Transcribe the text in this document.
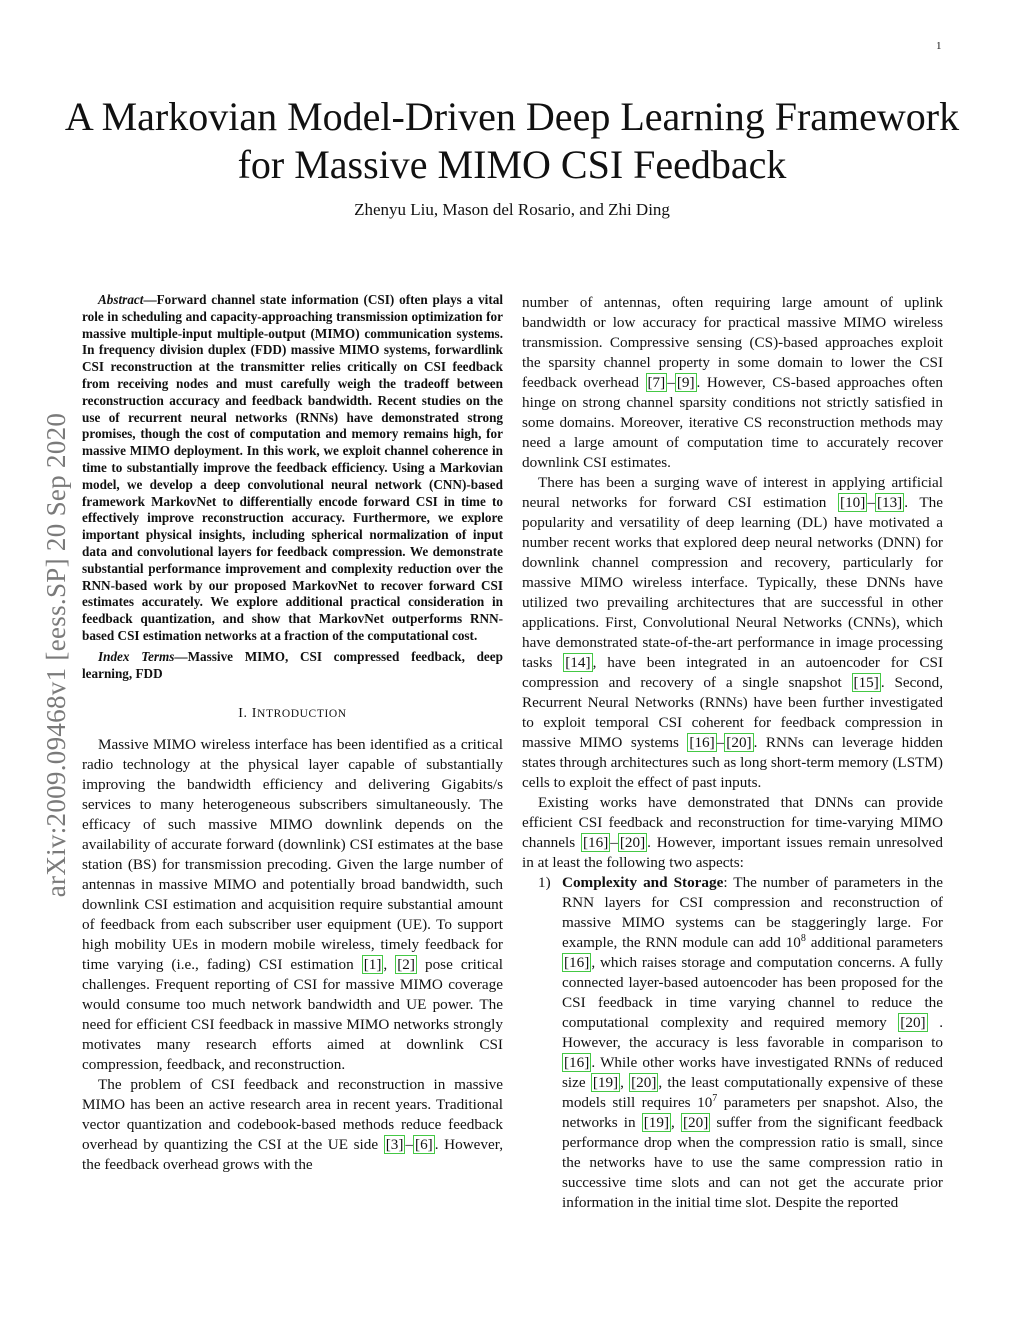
1
arXiv:2009.09468v1 [eess.SP] 20 Sep 2020
A Markovian Model-Driven Deep Learning Framework for Massive MIMO CSI Feedback
Zhenyu Liu, Mason del Rosario, and Zhi Ding

Abstract—Forward channel state information (CSI) often plays a vital role in scheduling and capacity-approaching transmission optimization for massive multiple-input multiple-output (MIMO) communication systems. In frequency division duplex (FDD) massive MIMO systems, forwardlink CSI reconstruction at the transmitter relies critically on CSI feedback from receiving nodes and must carefully weigh the tradeoff between reconstruction accuracy and feedback bandwidth. Recent studies on the use of recurrent neural networks (RNNs) have demonstrated strong promises, though the cost of computation and memory remains high, for massive MIMO deployment. In this work, we exploit channel coherence in time to substantially improve the feedback efficiency. Using a Markovian model, we develop a deep convolutional neural network (CNN)-based framework MarkovNet to differentially encode forward CSI in time to effectively improve reconstruction accuracy. Furthermore, we explore important physical insights, including spherical normalization of input data and convolutional layers for feedback compression. We demonstrate substantial performance improvement and complexity reduction over the RNN-based work by our proposed MarkovNet to recover forward CSI estimates accurately. We explore additional practical consideration in feedback quantization, and show that MarkovNet outperforms RNN-based CSI estimation networks at a fraction of the computational cost.

Index Terms—Massive MIMO, CSI compressed feedback, deep learning, FDD

I. INTRODUCTION

Massive MIMO wireless interface has been identified as a critical radio technology at the physical layer capable of substantially improving the bandwidth efficiency and delivering Gigabits/s services to many heterogeneous subscribers simultaneously. The efficacy of such massive MIMO downlink depends on the availability of accurate forward (downlink) CSI estimates at the base station (BS) for transmission precoding. Given the large number of antennas in massive MIMO and potentially broad bandwidth, such downlink CSI estimation and acquisition require substantial amount of feedback from each subscriber user equipment (UE). To support high mobility UEs in modern mobile wireless, timely feedback for time varying (i.e., fading) CSI estimation [1] , [2] pose critical challenges. Frequent reporting of CSI for massive MIMO coverage would consume too much network bandwidth and UE power. The need for efficient CSI feedback in massive MIMO networks strongly motivates many research efforts aimed at downlink CSI compression, feedback, and reconstruction.

The problem of CSI feedback and reconstruction in massive MIMO has been an active research area in recent years. Traditional vector quantization and codebook-based methods reduce feedback overhead by quantizing the CSI at the UE side [3] – [6] . However, the feedback overhead grows with the

number of antennas, often requiring large amount of uplink bandwidth or low accuracy for practical massive MIMO wireless transmission. Compressive sensing (CS)-based approaches exploit the sparsity channel property in some domain to lower the CSI feedback overhead [7] – [9] . However, CS-based approaches often hinge on strong channel sparsity conditions not strictly satisfied in some domains. Moreover, iterative CS reconstruction methods may need a large amount of computation time to accurately recover downlink CSI estimates.

There has been a surging wave of interest in applying artificial neural networks for forward CSI estimation [10] – [13] . The popularity and versatility of deep learning (DL) have motivated a number recent works that explored deep neural networks (DNN) for downlink channel compression and recovery, particularly for massive MIMO wireless interface. Typically, these DNNs have utilized two prevailing architectures that are successful in other applications. First, Convolutional Neural Networks (CNNs), which have demonstrated state-of-the-art performance in image processing tasks [14] , have been integrated in an autoencoder for CSI compression and recovery of a single snapshot [15] . Second, Recurrent Neural Networks (RNNs) have been further investigated to exploit temporal CSI coherent for feedback compression in massive MIMO systems [16] – [20] . RNNs can leverage hidden states through architectures such as long short-term memory (LSTM) cells to exploit the effect of past inputs.

Existing works have demonstrated that DNNs can provide efficient CSI feedback and reconstruction for time-varying MIMO channels [16] – [20] . However, important issues remain unresolved in at least the following two aspects:

1) Complexity and Storage: The number of parameters in the RNN layers for CSI compression and reconstruction of massive MIMO systems can be staggeringly large. For example, the RNN module can add $10^8$ additional parameters [16] , which raises storage and computation concerns. A fully connected layer-based autoencoder has been proposed for the CSI feedback in time varying channel to reduce the computational complexity and required memory [20] . However, the accuracy is less favorable in comparison to [16] . While other works have investigated RNNs of reduced size [19] , [20] , the least computationally expensive of these models still requires $10^7$ parameters per snapshot. Also, the networks in [19] , [20] suffer from the significant feedback performance drop when the compression ratio is small, since the networks have to use the same compression ratio in successive time slots and can not get the accurate prior information in the initial time slot. Despite the reported
